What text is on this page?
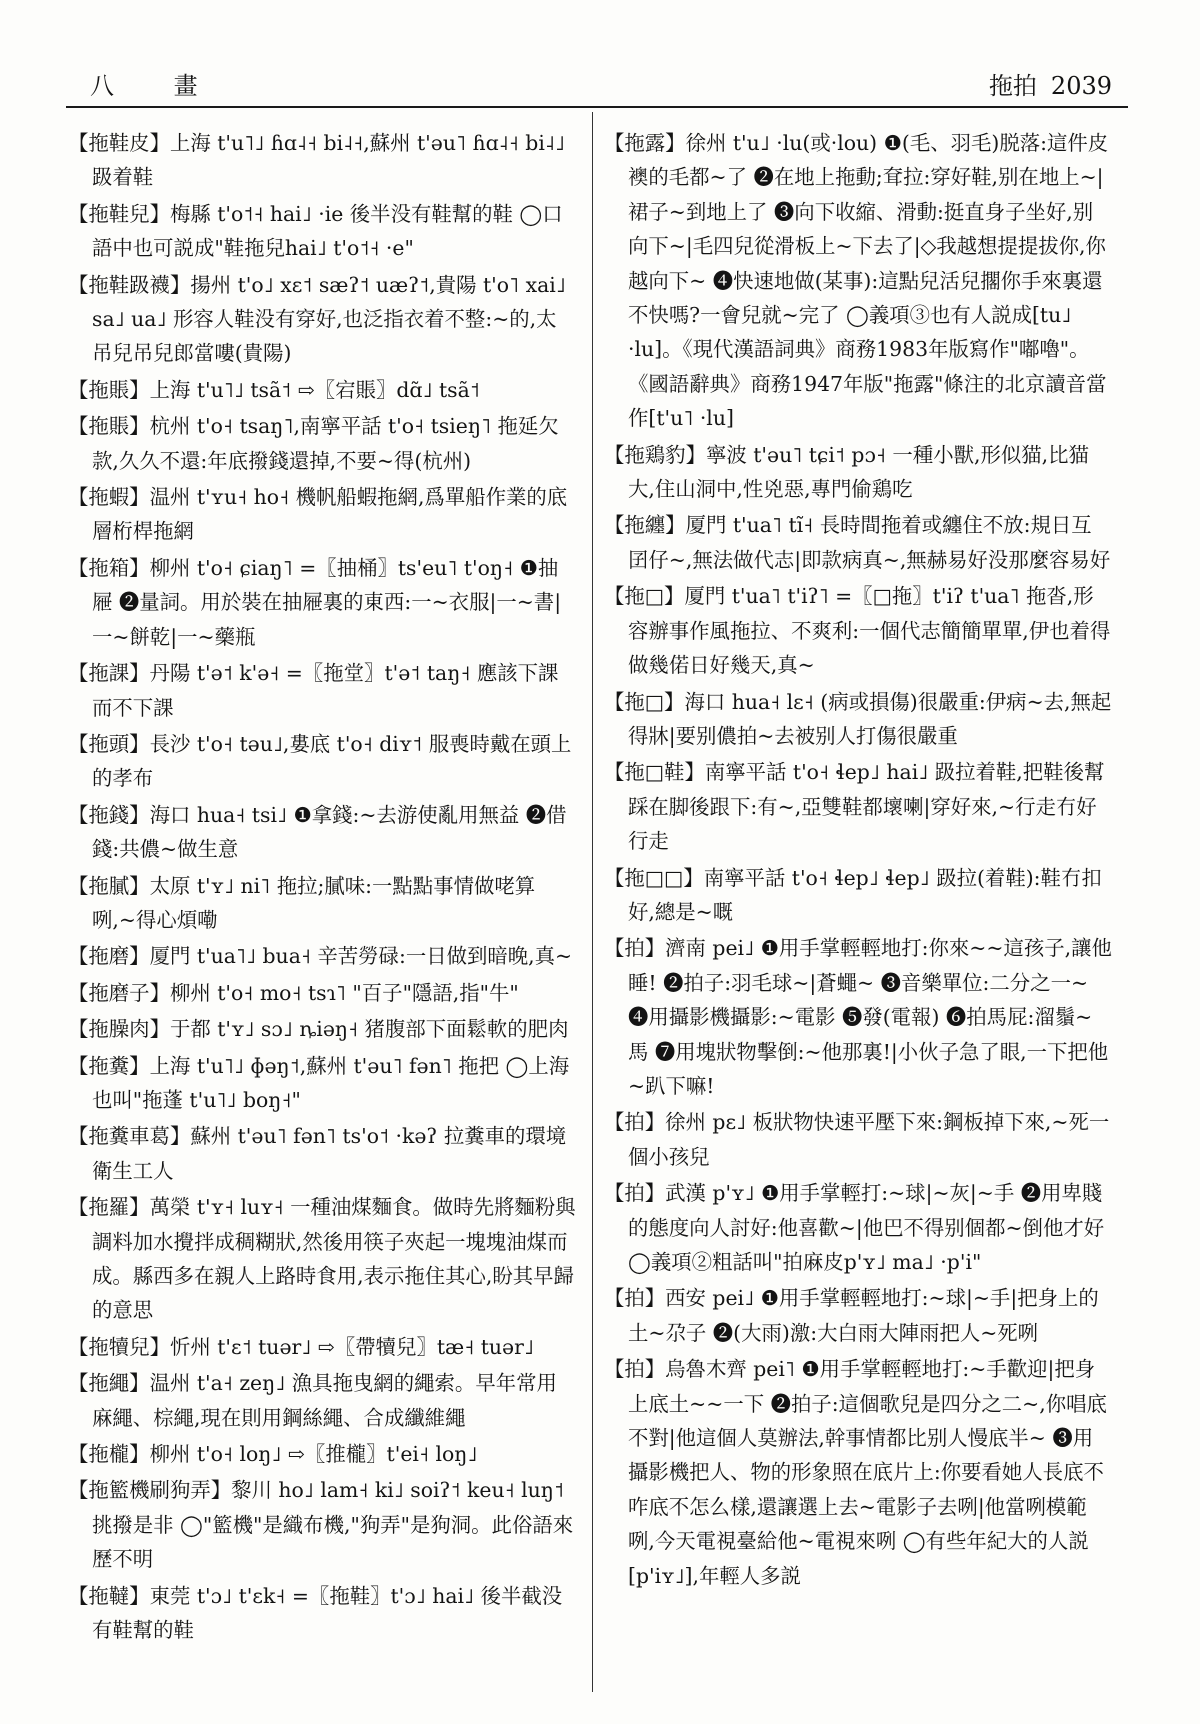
八 畫	拖拍 2039

【 拖鞋皮 】 上海 t'u˥˩ ɦɑ˨˧ bi˨˧,蘇州 t'əu˥ ɦɑ˨˧ bi˨˩ 趿着鞋

【 拖鞋兒 】 梅縣 t'o˦˧ hai˩ ·ie 後半没有鞋幫的鞋 ◯口語中也可説成"鞋拖兒hai˩ t'o˦˧ ·e"

【 拖鞋趿襪 】 揚州 t'o˩ xɛ˦ sæʔ˦ uæʔ˦,貴陽 t'o˥ xai˩ sa˩ ua˩ 形容人鞋没有穿好,也泛指衣着不整:~的,太吊兒吊兒郎當嘍(貴陽)

【 拖賬 】 上海 t'u˥˩ tsã˦ ⇨〖宕賬〗dɑ̃˩ tsã˦

【 拖賬 】 杭州 t'o˧ tsaŋ˥,南寧平話 t'o˧ tsieŋ˥ 拖延欠款,久久不還:年底撥錢還掉,不要~得(杭州)

【 拖蝦 】 温州 t'ʏu˧ ho˧ 機帆船蝦拖網,爲單船作業的底層桁桿拖網

【 拖箱 】 柳州 t'o˧ ɕiaŋ˥ =〖抽桶〗ts'eu˥ t'oŋ˧ ❶抽屜 ❷量詞。用於裝在抽屜裏的東西:一~衣服|一~書|一~餅乾|一~藥瓶

【 拖課 】 丹陽 t'ə˦ k'ə˧ =〖拖堂〗t'ə˦ taŋ˧ 應該下課而不下課

【 拖頭 】 長沙 t'o˧ təu˩,婁底 t'o˧ diʏ˦ 服喪時戴在頭上的孝布

【 拖錢 】 海口 hua˧ tsi˩ ❶拿錢:~去游使亂用無益 ❷借錢:共儂~做生意

【 拖膩 】 太原 t'ʏ˩ ni˥ 拖拉;膩味:一點點事情做咾算咧,~得心煩嘞

【 拖磨 】 厦門 t'ua˥˩ bua˧ 辛苦勞碌:一日做到暗晚,真~

【 拖磨子 】 柳州 t'o˧ mo˧ tsɿ˥ "百子"隱語,指"牛"

【 拖臊肉 】 于都 t'ʏ˩ sɔ˩ ȵiəŋ˧ 猪腹部下面鬆軟的肥肉

【 拖糞 】 上海 t'u˥˩ ɸəŋ˦,蘇州 t'əu˥ fən˥ 拖把 ◯上海也叫"拖蓬 t'u˥˩ boŋ˧"

【 拖糞車葛 】 蘇州 t'əu˥ fən˥ ts'o˦ ·kəʔ 拉糞車的環境衛生工人

【 拖羅 】 萬榮 t'ʏ˧ luʏ˧ 一種油煤麵食。做時先將麵粉與調料加水攪拌成稠糊狀,然後用筷子夾起一塊塊油煤而成。縣西多在親人上路時食用,表示拖住其心,盼其早歸的意思

【 拖犢兒 】 忻州 t'ɛ˦ tuər˩ ⇨〖帶犢兒〗tæ˧ tuər˩

【 拖繩 】 温州 t'a˧ zeŋ˩ 漁具拖曳網的繩索。早年常用麻繩、棕繩,現在則用鋼絲繩、合成纖維繩

【 拖櫳 】 柳州 t'o˧ loŋ˩ ⇨〖推櫳〗t'ei˧ loŋ˩

【 拖籃機刷狗弄 】 黎川 ho˩ lam˧ ki˩ soiʔ˦ keu˧ luŋ˦ 挑撥是非 ◯"籃機"是織布機,"狗弄"是狗洞。此俗語來歷不明

【 拖韃 】 東莞 t'ɔ˩ t'ɛk˧ =〖拖鞋〗t'ɔ˩ hai˩ 後半截没有鞋幫的鞋

【 拖露 】 徐州 t'u˩ ·lu(或·lou) ❶(毛、羽毛)脱落:這件皮襖的毛都~了 ❷在地上拖動;耷拉:穿好鞋,别在地上~|裙子~到地上了 ❸向下收縮、滑動:挺直身子坐好,别向下~|毛四兒從滑板上~下去了|◇我越想提提拔你,你越向下~ ❹快速地做(某事):這點兒活兒擱你手來裏還不快嗎?一會兒就~完了 ◯義項③也有人説成[tu˩ ·lu]。《現代漢語詞典》商務1983年版寫作"嘟嚕"。《國語辭典》商務1947年版"拖露"條注的北京讀音當作[t'u˥ ·lu]

【 拖鶏豹 】 寧波 t'əu˥ tɕi˦ pɔ˧ 一種小獸,形似猫,比猫大,住山洞中,性兇惡,專門偷鶏吃

【 拖纏 】 厦門 t'ua˥ tĩ˧ 長時間拖着或纏住不放:規日互囝仔~,無法做代志|即款病真~,無赫易好没那麼容易好

【 拖□ 】 厦門 t'ua˥ t'iʔ˥ =〖□拖〗t'iʔ t'ua˥ 拖沓,形容辦事作風拖拉、不爽利:一個代志簡簡單單,伊也着得做幾偌日好幾天,真~

【 拖□ 】 海口 hua˧ lɛ˧ (病或損傷)很嚴重:伊病~去,無起得牀|要别儂拍~去被别人打傷很嚴重

【 拖□鞋 】 南寧平話 t'o˧ ɬep˩ hai˩ 趿拉着鞋,把鞋後幫踩在脚後跟下:有~,亞雙鞋都壞喇|穿好來,~行走冇好行走

【 拖□□ 】 南寧平話 t'o˧ ɬep˩ ɬep˩ 趿拉(着鞋):鞋冇扣好,總是~嘅

【 拍 】 濟南 pei˩ ❶用手掌輕輕地打:你來~~這孩子,讓他睡! ❷拍子:羽毛球~|蒼蠅~ ❸音樂單位:二分之一~ ❹用攝影機攝影:~電影 ❺發(電報) ❻拍馬屁:溜鬚~馬 ❼用塊狀物擊倒:~他那裏!|小伙子急了眼,一下把他~趴下嘛!

【 拍 】 徐州 pɛ˩ 板狀物快速平壓下來:鋼板掉下來,~死一個小孩兒

【 拍 】 武漢 p'ʏ˩ ❶用手掌輕打:~球|~灰|~手 ❷用卑賤的態度向人討好:他喜歡~|他巴不得别個都~倒他才好 ◯義項②粗話叫"拍麻皮p'ʏ˩ ma˩ ·p'i"

【 拍 】 西安 pei˩ ❶用手掌輕輕地打:~球|~手|把身上的土~尕子 ❷(大雨)激:大白雨大陣雨把人~死咧

【 拍 】 烏魯木齊 pei˥ ❶用手掌輕輕地打:~手歡迎|把身上底土~~一下 ❷拍子:這個歌兒是四分之二~,你唱底不對|他這個人莫辦法,幹事情都比别人慢底半~ ❸用攝影機把人、物的形象照在底片上:你要看她人長底不咋底不怎么樣,還讓選上去~電影子去咧|他當咧模範咧,今天電視臺給他~電視來咧 ◯有些年紀大的人説[p'iʏ˩],年輕人多説
